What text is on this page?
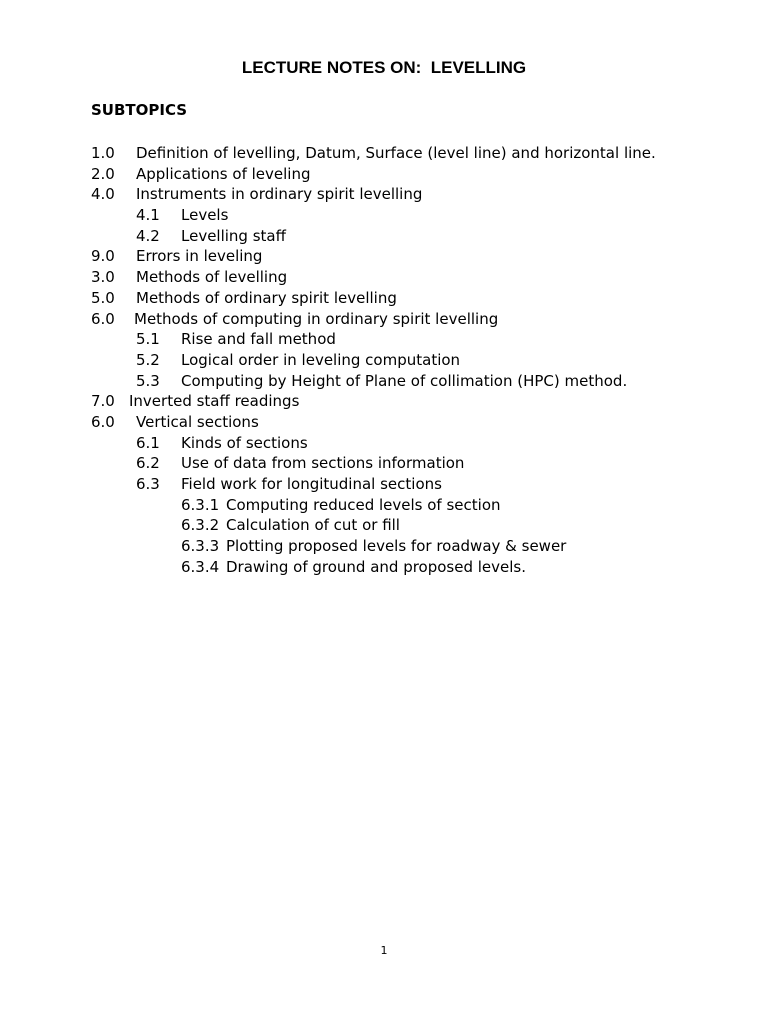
LECTURE NOTES ON:  LEVELLING
SUBTOPICS
1.0 Definition of levelling, Datum, Surface (level line) and horizontal line.
2.0 Applications of leveling
4.0 Instruments in ordinary spirit levelling
4.1 Levels
4.2 Levelling staff
9.0 Errors in leveling
3.0 Methods of levelling
5.0 Methods of ordinary spirit levelling
6.0 Methods of computing in ordinary spirit levelling
5.1 Rise and fall method
5.2 Logical order in leveling computation
5.3 Computing by Height of Plane of collimation (HPC) method.
7.0 Inverted staff readings
6.0 Vertical sections
6.1 Kinds of sections
6.2 Use of data from sections information
6.3 Field work for longitudinal sections
6.3.1 Computing reduced levels of section
6.3.2 Calculation of cut or fill
6.3.3 Plotting proposed levels for roadway & sewer
6.3.4 Drawing of ground and proposed levels.
1
